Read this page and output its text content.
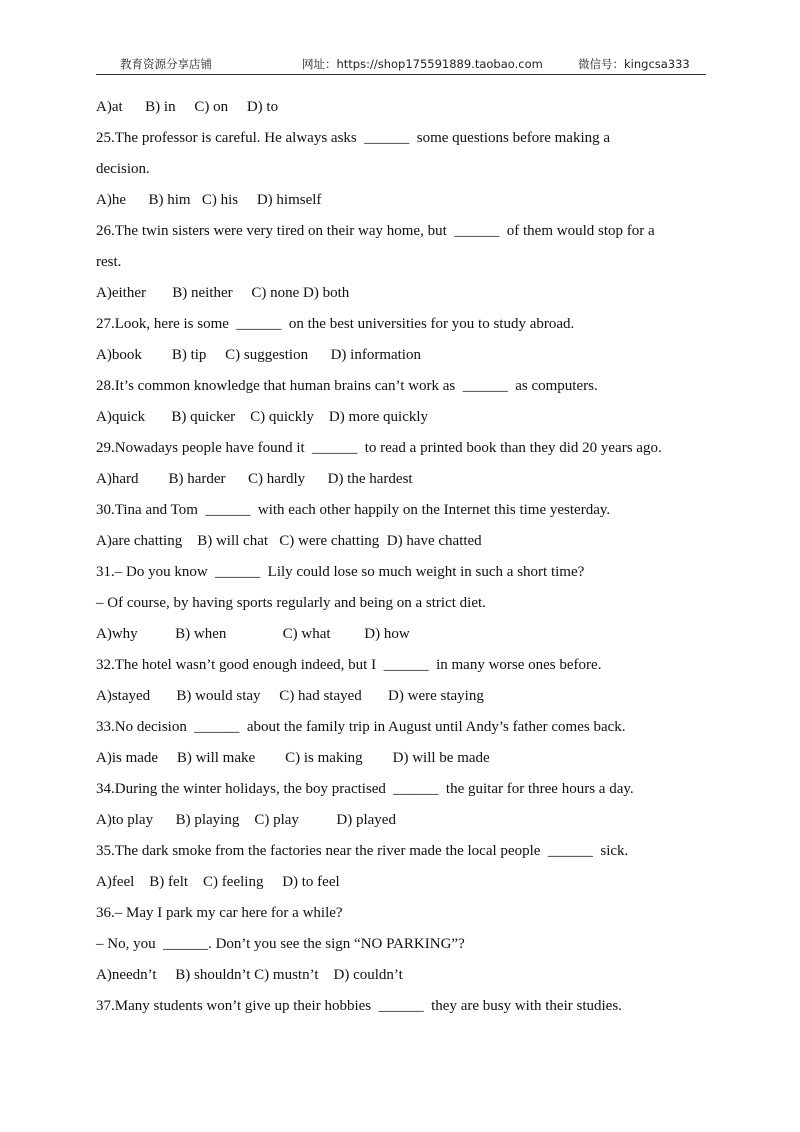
教育资源分享店铺	网址：https://shop175591889.taobao.com	微信号：kingcsa333
A)at      B) in     C) on     D) to
25.The professor is careful. He always asks  ______  some questions before making a
decision.
A)he      B) him   C) his     D) himself
26.The twin sisters were very tired on their way home, but  ______  of them would stop for a
rest.
A)either       B) neither     C) none D) both
27.Look, here is some  ______  on the best universities for you to study abroad.
A)book        B) tip     C) suggestion      D) information
28.It’s common knowledge that human brains can’t work as  ______  as computers.
A)quick       B) quicker    C) quickly    D) more quickly
29.Nowadays people have found it  ______  to read a printed book than they did 20 years ago.
A)hard        B) harder      C) hardly      D) the hardest
30.Tina and Tom  ______  with each other happily on the Internet this time yesterday.
A)are chatting    B) will chat   C) were chatting  D) have chatted
31.– Do you know  ______  Lily could lose so much weight in such a short time?
– Of course, by having sports regularly and being on a strict diet.
A)why          B) when               C) what         D) how
32.The hotel wasn’t good enough indeed, but I  ______  in many worse ones before.
A)stayed       B) would stay     C) had stayed       D) were staying
33.No decision  ______  about the family trip in August until Andy’s father comes back.
A)is made     B) will make        C) is making        D) will be made
34.During the winter holidays, the boy practised  ______  the guitar for three hours a day.
A)to play      B) playing    C) play          D) played
35.The dark smoke from the factories near the river made the local people  ______  sick.
A)feel    B) felt    C) feeling     D) to feel
36.– May I park my car here for a while?
– No, you  ______. Don’t you see the sign “NO PARKING”?
A)needn’t     B) shouldn’t C) mustn’t    D) couldn’t
37.Many students won’t give up their hobbies  ______  they are busy with their studies.
